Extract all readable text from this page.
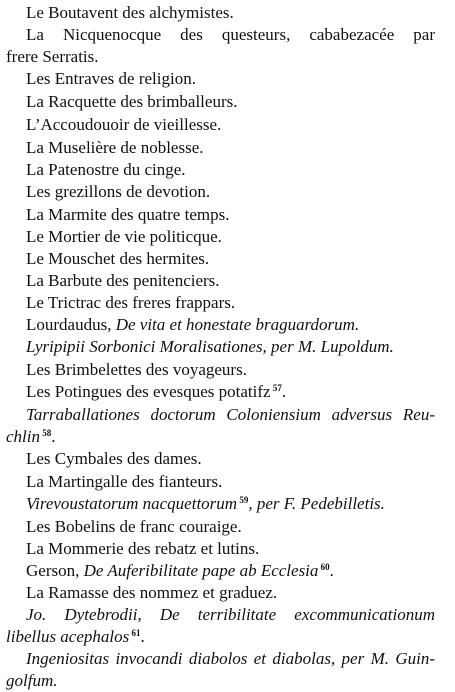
Le Boutavent des alchymistes.
La Nicquenocque des questeurs, cababezacée par
frere Serratis.
Les Entraves de religion.
La Racquette des brimballeurs.
L’Accoudouoir de vieillesse.
La Muselière de noblesse.
La Patenostre du cinge.
Les grezillons de devotion.
La Marmite des quatre temps.
Le Mortier de vie politicque.
Le Mouschet des hermites.
La Barbute des penitenciers.
Le Trictrac des freres frappars.
Lourdaudus, De vita et honestate braguardorum.
Lyripipii Sorbonici Moralisationes, per M. Lupoldum.
Les Brimbelettes des voyageurs.
Les Potingues des evesques potatifz $^{57}$.
Tarraballationes doctorum Coloniensium adversus Reu-
chlin $^{58}$.
Les Cymbales des dames.
La Martingalle des fianteurs.
Virevoustatorum nacquettorum $^{59}$, per F. Pedebilletis.
Les Bobelins de franc couraige.
La Mommerie des rebatz et lutins.
Gerson, De Auferibilitate pape ab Ecclesia $^{60}$.
La Ramasse des nommez et graduez.
Jo. Dytebrodii, De terribilitate excommunicationum
libellus acephalos $^{61}$.
Ingeniositas invocandi diabolos et diabolas, per M. Guin-
golfum.
